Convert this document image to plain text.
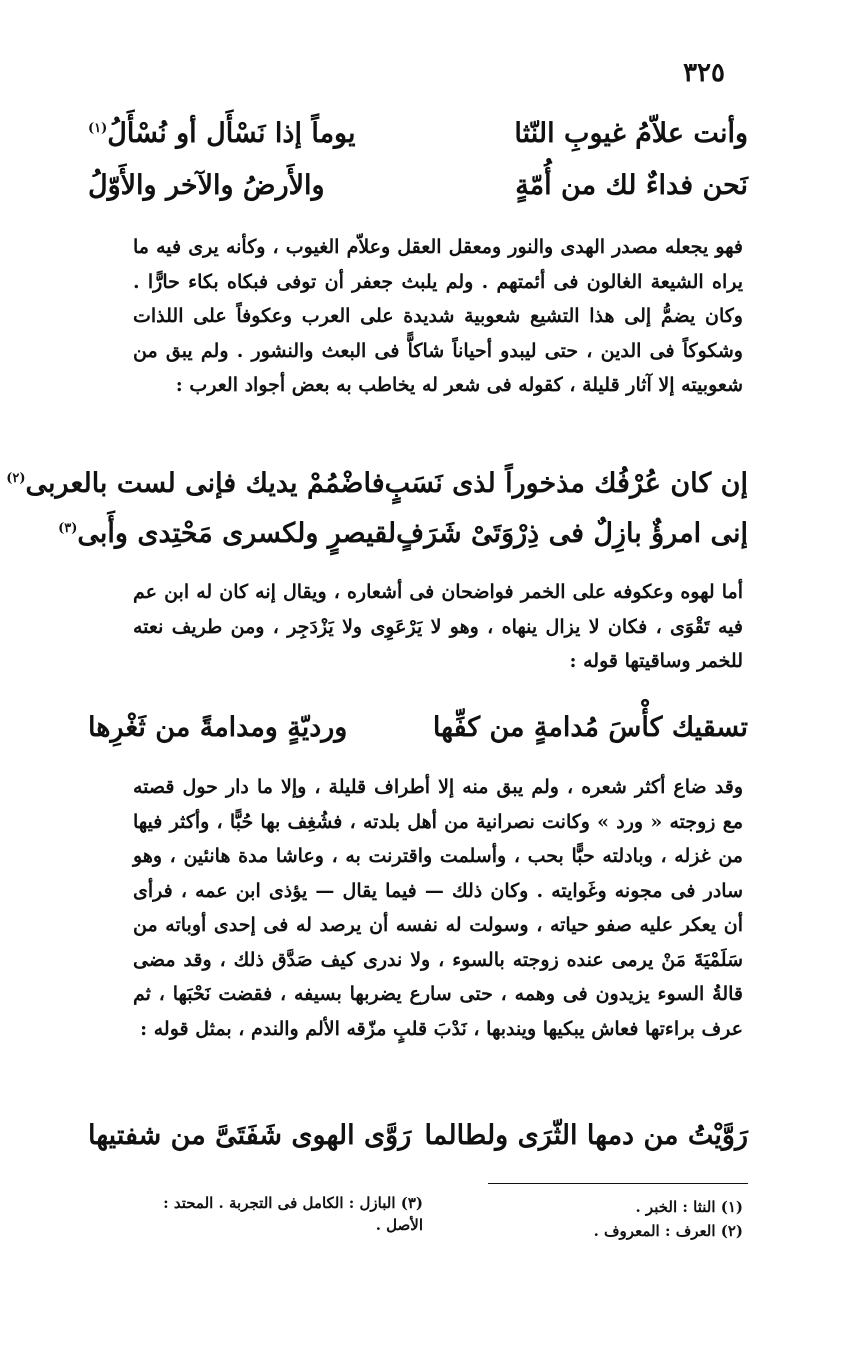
٣٢٥
وأنت علاّمُ غيوبِ النّثا
يوماً إذا نَسْأَل أو نُسْأَلُ$^{(١)}$
نَحن فداءٌ لك من أُمّةٍ
والأَرضُ والآخر والأَوّلُ
فهو يجعله مصدر الهدى والنور ومعقل العقل وعلاّم الغيوب ، وكأنه يرى فيه ما يراه الشيعة الغالون فى أئمتهم . ولم يلبث جعفر أن توفى فبكاه بكاء حارًّا . وكان يضمُّ إلى هذا التشيع شعوبية شديدة على العرب وعكوفاً على اللذات وشكوكاً فى الدين ، حتى ليبدو أحياناً شاكاًّ فى البعث والنشور . ولم يبق من شعوبيته إلا آثار قليلة ، كقوله فى شعر له يخاطب به بعض أجواد العرب :
إن كان عُرْفُك مذخوراً لذى نَسَبٍ
فاضْمُمْ يديك فإنى لست بالعربى$^{(٢)}$
إنى امرؤٌ بازِلٌ فى ذِرْوَتَىْ شَرَفٍ
لقيصرٍ ولكسرى مَحْتِدى وأَبى$^{(٣)}$
أما لهوه وعكوفه على الخمر فواضحان فى أشعاره ، ويقال إنه كان له ابن عم فيه تَقْوَى ، فكان لا يزال ينهاه ، وهو لا يَرْعَوِى ولا يَزْدَجِر ، ومن طريف نعته للخمر وساقيتها قوله :
تسقيك كأْسَ مُدامةٍ من كفِّها
ورديّةٍ ومدامةً من ثَغْرِها
وقد ضاع أكثر شعره ، ولم يبق منه إلا أطراف قليلة ، وإلا ما دار حول قصته مع زوجته « ورد » وكانت نصرانية من أهل بلدته ، فشُغِف بها حُبًّا ، وأكثر فيها من غزله ، وبادلته حبًّا بحب ، وأسلمت واقترنت به ، وعاشا مدة هانئين ، وهو سادر فى مجونه وغَوايته . وكان ذلك — فيما يقال — يؤذى ابن عمه ، فرأى أن يعكر عليه صفو حياته ، وسولت له نفسه أن يرصد له فى إحدى أوباته من سَلَمْيَةَ مَنْ يرمى عنده زوجته بالسوء ، ولا ندرى كيف صَدَّق ذلك ، وقد مضى قالةُ السوء يزيدون فى وهمه ، حتى سارع يضربها بسيفه ، فقضت نَحْبَها ، ثم عرف براءتها فعاش يبكيها ويندبها ، نَدْبَ قلبٍ مزّقه الألم والندم ، بمثل قوله :
رَوَّيْتُ من دمها الثّرَى ولطالما
رَوَّى الهوى شَفَتَىَّ من شفتيها
(١) النثا : الخبر .
(٢) العرف : المعروف .
(٣) البازل : الكامل فى التجربة . المحتد : الأصل .
